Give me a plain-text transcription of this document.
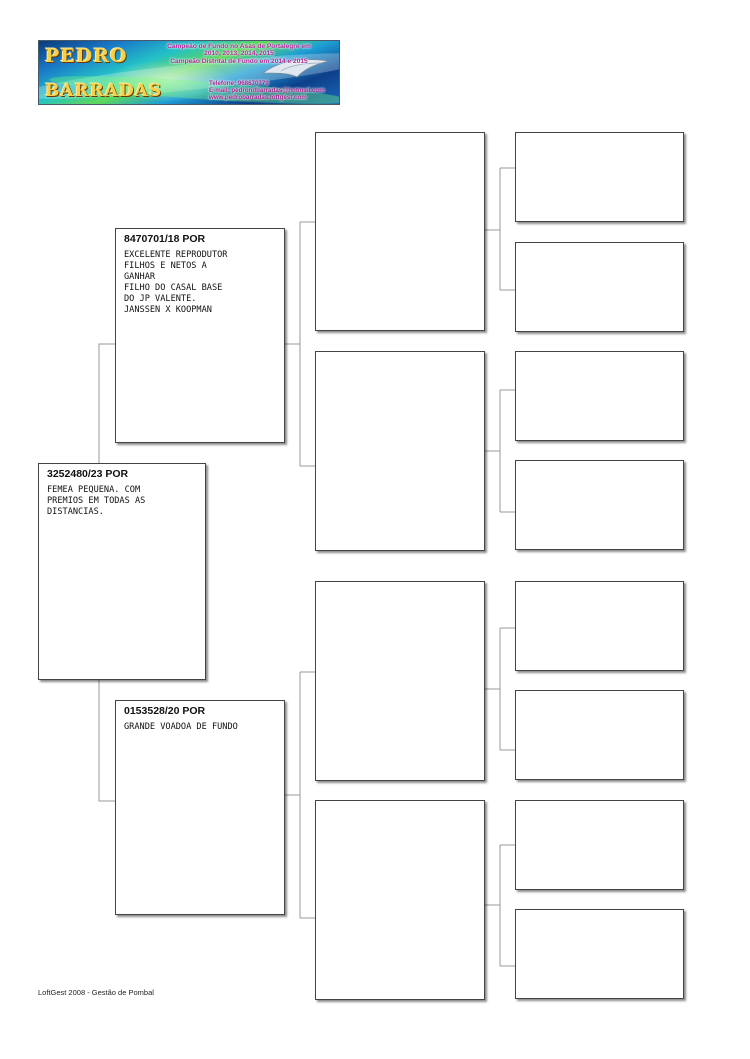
PEDRO
BARRADAS
Campeão de Fundo no Asas de Portalegre em
2010, 2013, 2014, 2015
Campeão Distrital de Fundo em 2014 e 2015
Telefone: 968670779
E-mail: pedrondbarradas@hotmail.com
www.pedrobarradas.loftgest.com
3252480/23 POR
FEMEA PEQUENA. COM
PREMIOS EM TODAS AS
DISTANCIAS.
8470701/18 POR
EXCELENTE REPRODUTOR
FILHOS E NETOS A
GANHAR
FILHO DO CASAL BASE
DO JP VALENTE.
JANSSEN X KOOPMAN
0153528/20 POR
GRANDE VOADOA DE FUNDO
LoftGest 2008 - Gestão de Pombal
